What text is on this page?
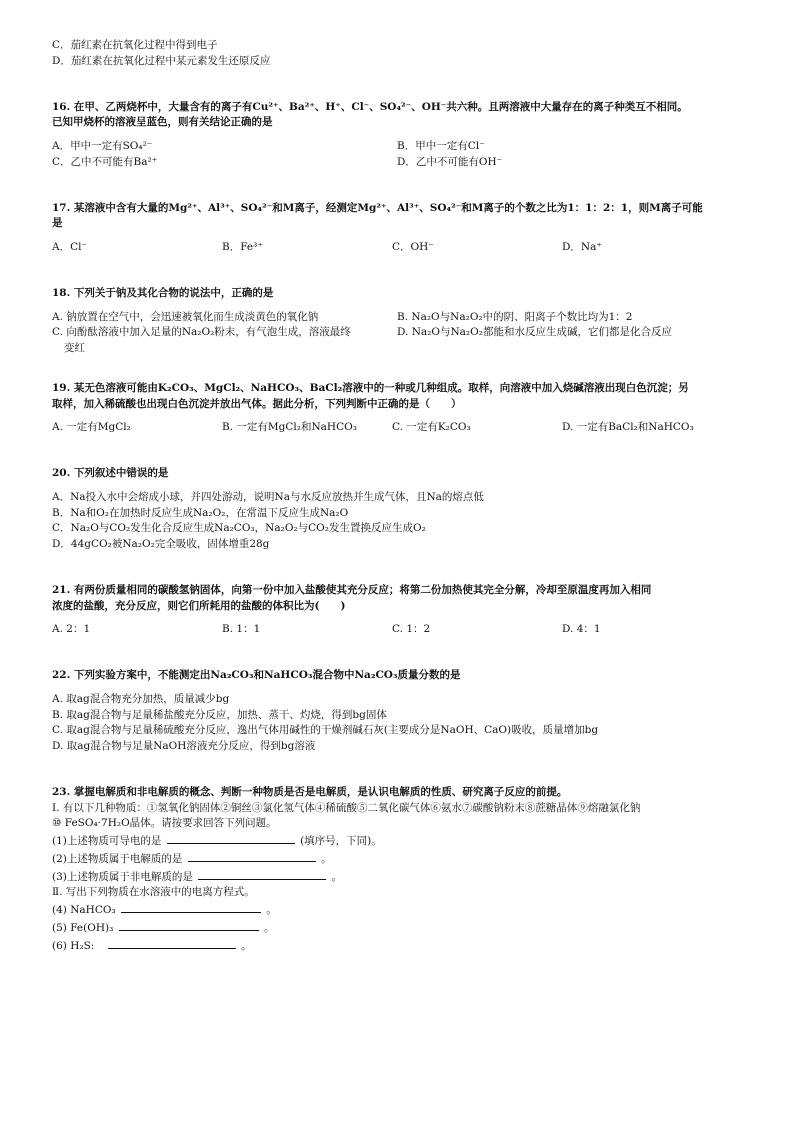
C．茄红素在抗氧化过程中得到电子
D．茄红素在抗氧化过程中某元素发生还原反应
16. 在甲、乙两烧杯中，大量含有的离子有Cu²⁺、Ba²⁺、H⁺、Cl⁻、SO₄²⁻、OH⁻共六种。且两溶液中大量存在的离子种类互不相同。
已知甲烧杯的溶液呈蓝色，则有关结论正确的是
A．甲中一定有SO₄²⁻	B．甲中一定有Cl⁻
C．乙中不可能有Ba²⁺	D．乙中不可能有OH⁻
17. 某溶液中含有大量的Mg²⁺、Al³⁺、SO₄²⁻和M离子，经测定Mg²⁺、Al³⁺、SO₄²⁻和M离子的个数之比为1：1：2：1，则M离子可能
是
A．Cl⁻	B．Fe³⁺	C．OH⁻	D．Na⁺
18. 下列关于钠及其化合物的说法中，正确的是
A. 钠放置在空气中，会迅速被氧化而生成淡黄色的氧化钠	B. Na₂O与Na₂O₂中的阴、阳离子个数比均为1：2
C. 向酚酞溶液中加入足量的Na₂O₂粉末，有气泡生成，溶液最终
变红
D. Na₂O与Na₂O₂都能和水反应生成碱，它们都是化合反应
19. 某无色溶液可能由K₂CO₃、MgCl₂、NaHCO₃、BaCl₂溶液中的一种或几种组成。取样，向溶液中加入烧碱溶液出现白色沉淀；另
取样，加入稀硫酸也出现白色沉淀并放出气体。据此分析，下列判断中正确的是（　　）
A. 一定有MgCl₂	B. 一定有MgCl₂和NaHCO₃	C. 一定有K₂CO₃	D. 一定有BaCl₂和NaHCO₃
20. 下列叙述中错误的是
A．Na投入水中会熔成小球，并四处游动，说明Na与水反应放热并生成气体，且Na的熔点低
B．Na和O₂在加热时反应生成Na₂O₂，在常温下反应生成Na₂O
C．Na₂O与CO₂发生化合反应生成Na₂CO₃，Na₂O₂与CO₂发生置换反应生成O₂
D．44gCO₂被Na₂O₂完全吸收，固体增重28g
21. 有两份质量相同的碳酸氢钠固体，向第一份中加入盐酸使其充分反应；将第二份加热使其完全分解，冷却至原温度再加入相同
浓度的盐酸，充分反应，则它们所耗用的盐酸的体积比为(　　)
A. 2：1	B. 1：1	C. 1：2	D. 4：1
22. 下列实验方案中，不能测定出Na₂CO₃和NaHCO₃混合物中Na₂CO₃质量分数的是
A. 取ag混合物充分加热，质量减少bg
B. 取ag混合物与足量稀盐酸充分反应，加热、蒸干、灼烧，得到bg固体
C. 取ag混合物与足量稀硫酸充分反应，逸出气体用碱性的干燥剂碱石灰(主要成分是NaOH、CaO)吸收，质量增加bg
D. 取ag混合物与足量NaOH溶液充分反应，得到bg溶液
23. 掌握电解质和非电解质的概念、判断一种物质是否是电解质，是认识电解质的性质、研究离子反应的前提。
Ⅰ. 有以下几种物质：①氢氧化钠固体②铜丝③氯化氢气体④稀硫酸⑤二氧化碳气体⑥氨水⑦碳酸钠粉末⑧蔗糖晶体⑨熔融氯化钠
⑩ FeSO₄·7H₂O晶体。请按要求回答下列问题。
(1)上述物质可导电的是	(填序号，下同)。
(2)上述物质属于电解质的是	。
(3)上述物质属于非电解质的是	。
Ⅱ. 写出下列物质在水溶液中的电离方程式。
(4) NaHCO₃	。
(5) Fe(OH)₃	。
(6) H₂S:	。
